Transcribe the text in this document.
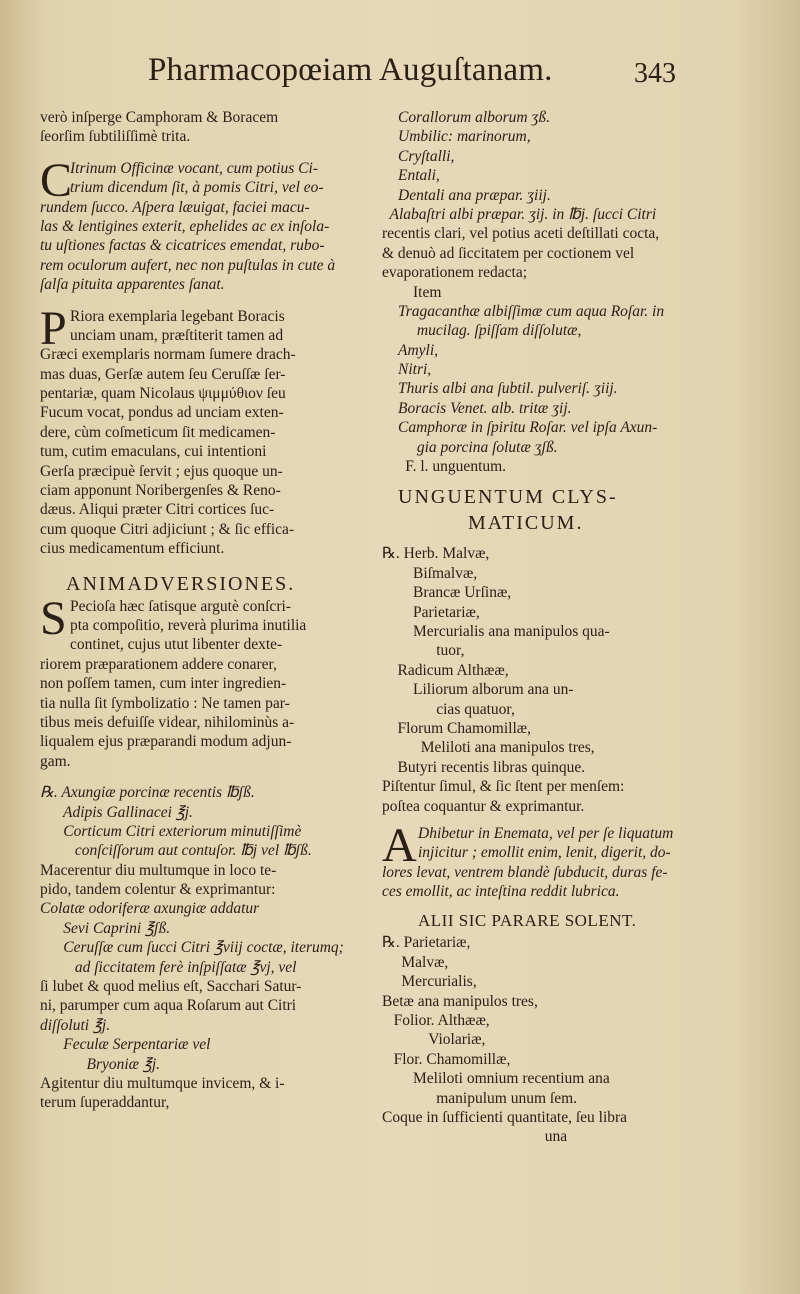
Pharmacopœiam Auguſtanam.	343
verò inſperge Camphoram & Boracem
ſeorſim ſubtiliſſimè trita.
C
Itrinum Officinæ vocant, cum potius Ci-
trium dicendum ſit, à pomis Citri, vel eo-
rundem ſucco. Aſpera læuigat, faciei macu-
las & lentigines exterit, ephelides ac ex inſola-
tu uſtiones factas & cicatrices emendat, rubo-
rem oculorum aufert, nec non puſtulas in cute à
ſalſa pituita apparentes ſanat.
P Riora exemplaria legebant Boracis
unciam unam, præſtiterit tamen ad
Græci exemplaris normam ſumere drach-
mas duas, Gerſæ autem ſeu Ceruſſæ ſer-
pentariæ, quam Nicolaus ψιμμύθιον ſeu
Fucum vocat, pondus ad unciam exten-
dere, cùm coſmeticum ſit medicamen-
tum, cutim emaculans, cui intentioni
Gerſa præcipuè ſervit ; ejus quoque un-
ciam apponunt Noribergenſes & Reno-
dæus. Aliqui præter Citri cortices ſuc-
cum quoque Citri adjiciunt ; & ſic effica-
cius medicamentum efficiunt.
ANIMADVERSIONES.
S Pecioſa hæc ſatisque argutè conſcri-
pta compoſitio, reverà plurima inutilia
continet, cujus utut libenter dexte-
riorem præparationem addere conarer,
non poſſem tamen, cum inter ingredien-
tia nulla ſit ſymbolizatio : Ne tamen par-
tibus meis defuiſſe videar, nihilominùs a-
liqualem ejus præparandi modum adjun-
gam.
℞. Axungiæ porcinæ recentis ℔ʃß.
Adipis Gallinacei ℥j.
Corticum Citri exteriorum minutiſſimè
conſciſſorum aut contuſor. ℔j vel ℔ʃß.
Macerentur diu multumque in loco te-
pido, tandem colentur & exprimantur:
Colatæ odoriferæ axungiæ addatur
Sevi Caprini ℥ʃß.
Ceruſſæ cum ſucci Citri ℥viij coctæ, iterumq;
ad ſiccitatem ferè inſpiſſatæ ℥vj, vel
ſi lubet & quod melius eſt, Sacchari Satur-
ni, parumper cum aqua Roſarum aut Citri
diſſoluti ℥j.
Feculæ Serpentariæ vel
Bryoniæ ℥j.
Agitentur diu multumque invicem, & i-
terum ſuperaddantur,
Corallorum alborum ʒß.
Umbilic: marinorum,
Cryſtalli,
Entali,
Dentali ana præpar. ʒiij.
Alabaſtri albi præpar. ʒij. in ℔j. ſucci Citri
recentis clari, vel potius aceti deſtillati cocta,
& denuò ad ſiccitatem per coctionem vel
evaporationem redacta;
Item
Tragacanthæ albiſſimæ cum aqua Roſar. in
mucilag. ſpiſſam diſſolutæ,
Amyli,
Nitri,
Thuris albi ana ſubtil. pulveriſ. ʒiij.
Boracis Venet. alb. tritæ ʒij.
Camphoræ in ſpiritu Roſar. vel ipſa Axun-
gia porcina ſolutæ ʒʃß.
F. l. unguentum.
UNGUENTUM CLYS-
MATICUM.
℞. Herb. Malvæ,
Biſmalvæ,
Brancæ Urſinæ,
Parietariæ,
Mercurialis ana manipulos qua-
tuor,
Radicum Althææ,
Liliorum alborum ana un-
cias quatuor,
Florum Chamomillæ,
Meliloti ana manipulos tres,
Butyri recentis libras quinque.
Piſtentur ſimul, & ſic ſtent per menſem:
poſtea coquantur & exprimantur.
A Dhibetur in Enemata, vel per ſe liquatum
injicitur ; emollit enim, lenit, digerit, do-
lores levat, ventrem blandè ſubducit, duras fe-
ces emollit, ac inteſtina reddit lubrica.
ALII SIC PARARE SOLENT.
℞. Parietariæ,
Malvæ,
Mercurialis,
Betæ ana manipulos tres,
Folior. Althææ,
Violariæ,
Flor. Chamomillæ,
Meliloti omnium recentium ana
manipulum unum ſem.
Coque in ſufficienti quantitate, ſeu libra
una
